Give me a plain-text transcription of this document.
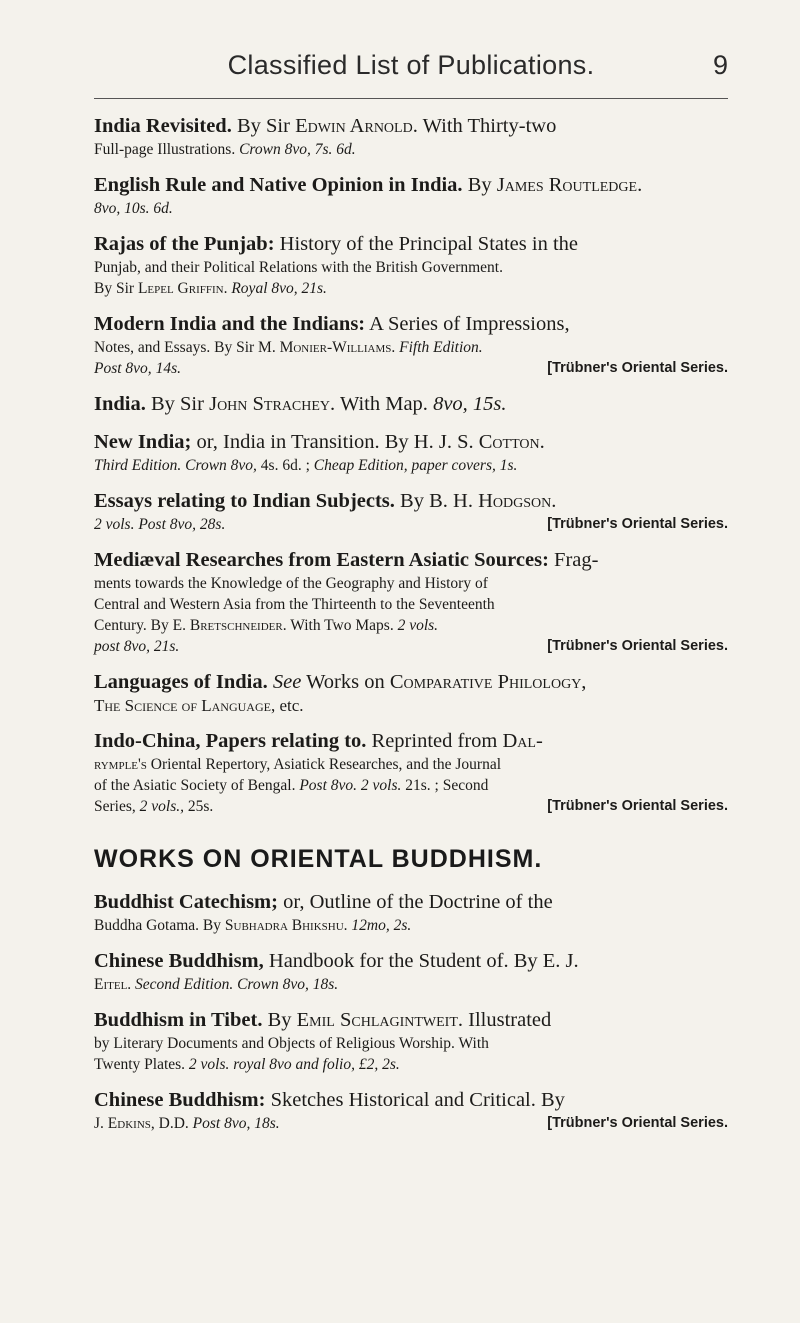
Classified List of Publications.	9
India Revisited. By Sir Edwin Arnold. With Thirty-two
Full-page Illustrations. Crown 8vo, 7s. 6d.
English Rule and Native Opinion in India. By James Routledge.
8vo, 10s. 6d.
Rajas of the Punjab: History of the Principal States in the
Punjab, and their Political Relations with the British Government.
By Sir Lepel Griffin. Royal 8vo, 21s.
Modern India and the Indians: A Series of Impressions,
Notes, and Essays. By Sir M. Monier-Williams. Fifth Edition.
Post 8vo, 14s.	[Trübner's Oriental Series.
India. By Sir John Strachey. With Map. 8vo, 15s.
New India; or, India in Transition. By H. J. S. Cotton.
Third Edition. Crown 8vo, 4s. 6d. ; Cheap Edition, paper covers, 1s.
Essays relating to Indian Subjects. By B. H. Hodgson.
2 vols. Post 8vo, 28s.	[Trübner's Oriental Series.
Mediæval Researches from Eastern Asiatic Sources: Frag-
ments towards the Knowledge of the Geography and History of
Central and Western Asia from the Thirteenth to the Seventeenth
Century. By E. Bretschneider. With Two Maps. 2 vols.
post 8vo, 21s.	[Trübner's Oriental Series.
Languages of India. See Works on Comparative Philology,
The Science of Language, etc.
Indo-China, Papers relating to. Reprinted from Dal-
rymple's Oriental Repertory, Asiatick Researches, and the Journal
of the Asiatic Society of Bengal. Post 8vo. 2 vols. 21s. ; Second
Series, 2 vols., 25s.	[Trübner's Oriental Series.
WORKS ON ORIENTAL BUDDHISM.
Buddhist Catechism; or, Outline of the Doctrine of the
Buddha Gotama. By Subhadra Bhikshu. 12mo, 2s.
Chinese Buddhism, Handbook for the Student of. By E. J.
Eitel. Second Edition. Crown 8vo, 18s.
Buddhism in Tibet. By Emil Schlagintweit. Illustrated
by Literary Documents and Objects of Religious Worship. With
Twenty Plates. 2 vols. royal 8vo and folio, £2, 2s.
Chinese Buddhism: Sketches Historical and Critical. By
J. Edkins, D.D. Post 8vo, 18s.	[Trübner's Oriental Series.
